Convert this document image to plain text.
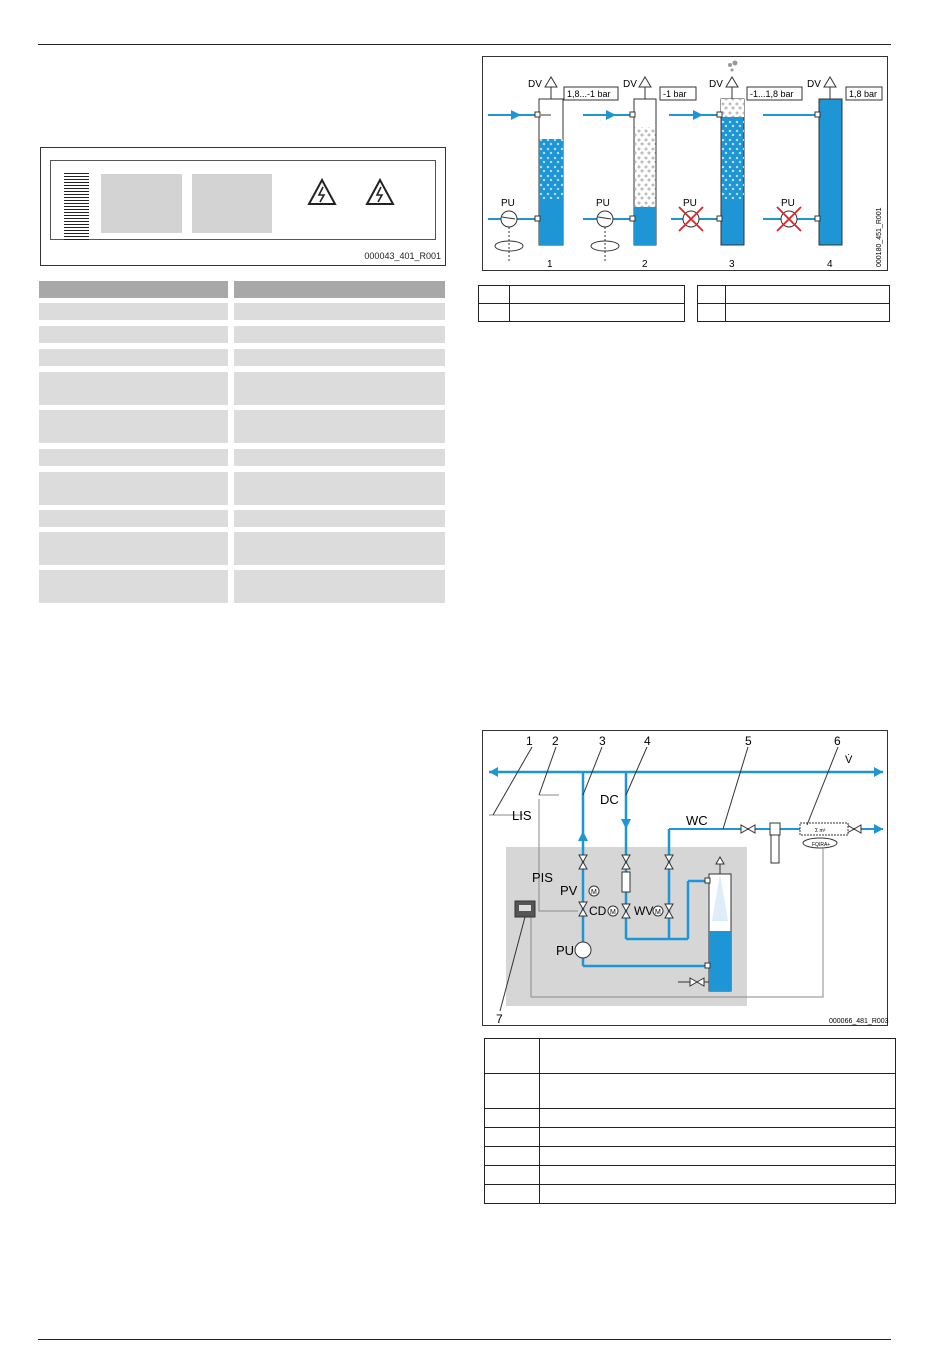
000043_401_R001
DV
1,8...-1 bar
PU
1
DV
-1 bar
PU
2
DV
-1...1,8 bar
PU
3
DV
1,8 bar
PU
4	000180_451_R001

1 2	3	4	5	6
7
V̇
LIS
PIS
DC
WC
PV
CD WV
PU
M
M	M
FQIRA+
Σ m³
000066_481_R003
